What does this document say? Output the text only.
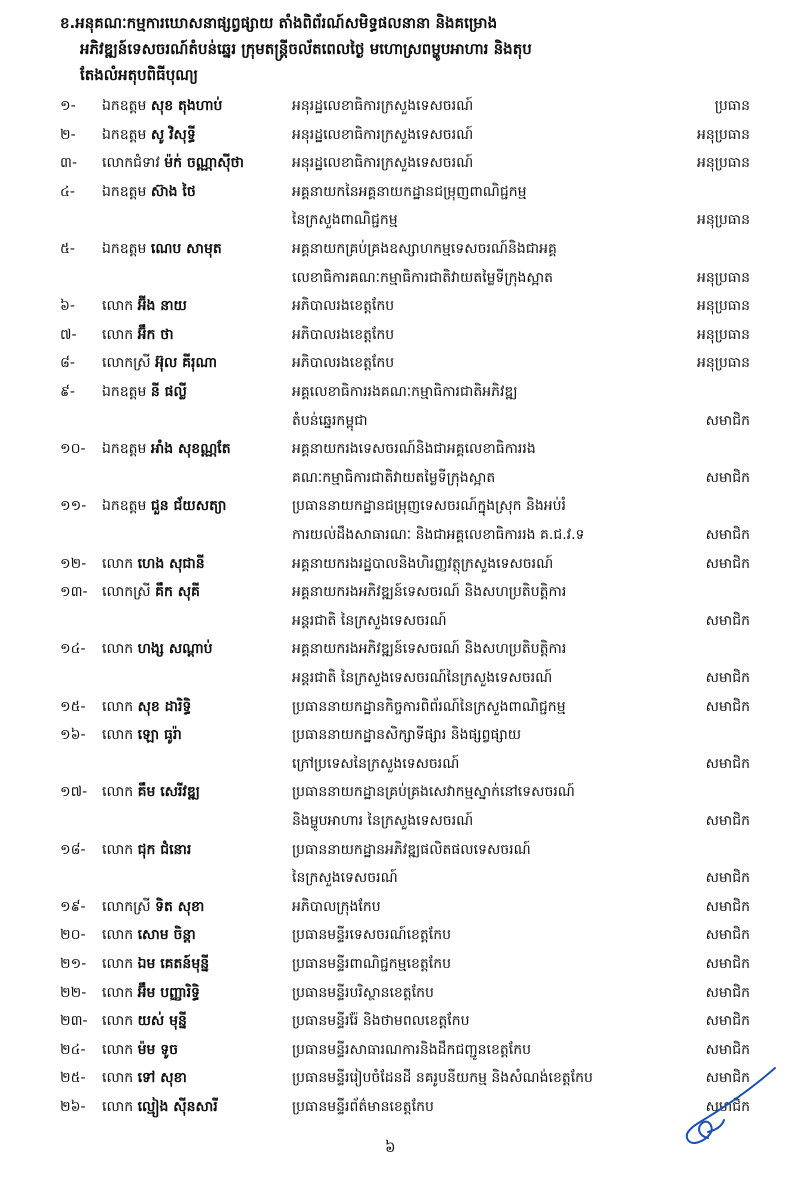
ខ.អនុគណៈកម្មការឃោសនាផ្សព្វផ្សាយ តាំងពិព័រណ៍សមិទ្ធផលនានា និងគម្រោង
អភិវឌ្ឍន៍ទេសចរណ៍តំបន់ឆ្នេរ ក្រុមតន្ត្រីចល័តពេលថ្ងៃ មហោស្រពម្ហូបអាហារ និងតុប
តែងលំអតុបពិធីបុណ្យ
១-	ឯកឧត្តម សុខ តុងហាប់	អនុរដ្ឋលេខាធិការក្រសួងទេសចរណ៍	ប្រធាន
២-	ឯកឧត្តម សូ វិសុទ្ធី	អនុរដ្ឋលេខាធិការក្រសួងទេសចរណ៍	អនុប្រធាន
៣-	លោកជំទាវ ម៉ក់ ចណ្ណាស៊ីថា	អនុរដ្ឋលេខាធិការក្រសួងទេសចរណ៍	អនុប្រធាន
៤-	ឯកឧត្តម ស៊ាង ថៃ	អគ្គនាយកនៃអគ្គនាយកដ្ឋានជម្រុញពាណិជ្ជកម្ម
នៃក្រសួងពាណិជ្ជកម្ម	អនុប្រធាន
៥-	ឯកឧត្តម ណេប សាមុត	អគ្គនាយកគ្រប់គ្រងឧស្សាហកម្មទេសចរណ៍និងជាអគ្គ
លេខាធិការគណៈកម្មាធិការជាតិវាយតម្លៃទីក្រុងស្អាត	អនុប្រធាន
៦-	លោក អ៊ីង នាយ	អភិបាលរងខេត្តកែប	អនុប្រធាន
៧-	លោក អ៊ឹក ថា	អភិបាលរងខេត្តកែប	អនុប្រធាន
៨-	លោកស្រី អ៊ុល គីរុណា	អភិបាលរងខេត្តកែប	អនុប្រធាន
៩-	ឯកឧត្តម នី ផល្លី	អគ្គលេខាធិការរងគណៈកម្មាធិការជាតិអភិវឌ្ឍ
តំបន់ឆ្នេរកម្ពុជា	សមាជិក
១០-	ឯកឧត្តម អាំង សុខណ្ណតែ	អគ្គនាយករងទេសចរណ៍និងជាអគ្គលេខាធិការរង
គណៈកម្មាធិការជាតិវាយតម្លៃទីក្រុងស្អាត	សមាជិក
១១-	ឯកឧត្តម ជួន ជ័យសត្យា	ប្រធាននាយកដ្ឋានជម្រុញទេសចរណ៍ក្នុងស្រុក និងអប់រំ
ការយល់ដឹងសាធារណៈ និងជាអគ្គលេខាធិការរង គ.ជ.វ.ទ	សមាជិក
១២-	លោក ហេង សុជានី	អគ្គនាយករងរដ្ឋបាលនិងហិរញ្ញវត្ថុក្រសួងទេសចរណ៍	សមាជិក
១៣-	លោកស្រី គឹក សុគី	អគ្គនាយករងអភិវឌ្ឍន៍ទេសចរណ៍ និងសហប្រតិបត្តិការ
អន្តរជាតិ នៃក្រសួងទេសចរណ៍	សមាជិក
១៤-	លោក ហង្ស សណ្តាប់	អគ្គនាយករងអភិវឌ្ឍន៍ទេសចរណ៍ និងសហប្រតិបត្តិការ
អន្តរជាតិ នៃក្រសួងទេសចរណ៍នៃក្រសួងទេសចរណ៍	សមាជិក
១៥-	លោក សុខ ដារិទ្ធិ	ប្រធាននាយកដ្ឋានកិច្ចការពិព័រណ៍នៃក្រសួងពាណិជ្ជកម្ម	សមាជិក
១៦-	លោក ឡោ ធូរ៉ា	ប្រធាននាយកដ្ឋានសិក្សាទីផ្សារ និងផ្សព្វផ្សាយ
ក្រៅប្រទេសនៃក្រសួងទេសចរណ៍	សមាជិក
១៧-	លោក គឹម សេរីវឌ្ឍ	ប្រធាននាយកដ្ឋានគ្រប់គ្រងសេវាកម្មស្នាក់នៅទេសចរណ៍
និងម្ហូបអាហារ នៃក្រសួងទេសចរណ៍	សមាជិក
១៨-	លោក ជុក ជំនោរ	ប្រធាននាយកដ្ឋានអភិវឌ្ឍផលិតផលទេសចរណ៍
នៃក្រសួងទេសចរណ៍	សមាជិក
១៩-	លោកស្រី ទិត សុខា	អភិបាលក្រុងកែប	សមាជិក
២០-	លោក សោម ចិន្តា	ប្រធានមន្ទីរទេសចរណ៍ខេត្តកែប	សមាជិក
២១-	លោក ឯម គេតន៍មុន្នី	ប្រធានមន្ទីរពាណិជ្ជកម្មខេត្តកែប	សមាជិក
២២-	លោក អ៊ឹម បញ្ញារិទ្ធិ	ប្រធានមន្ទីរបរិស្ថានខេត្តកែប	សមាជិក
២៣-	លោក យស់ មុន្នី	ប្រធានមន្ទីររ៉ែ និងថាមពលខេត្តកែប	សមាជិក
២៤-	លោក ម៉ម ទូច	ប្រធានមន្ទីរសាធារណការនិងដឹកជញ្ជូនខេត្តកែប	សមាជិក
២៥-	លោក ទៅ សុខា	ប្រធានមន្ទីររៀបចំដែនដី នគរូបនីយកម្ម និងសំណង់ខេត្តកែប	សមាជិក
២៦-	លោក ល្មៀង ស៊ីនសារី	ប្រធានមន្ទីរព័ត៌មានខេត្តកែប	សមាជិក
៦
